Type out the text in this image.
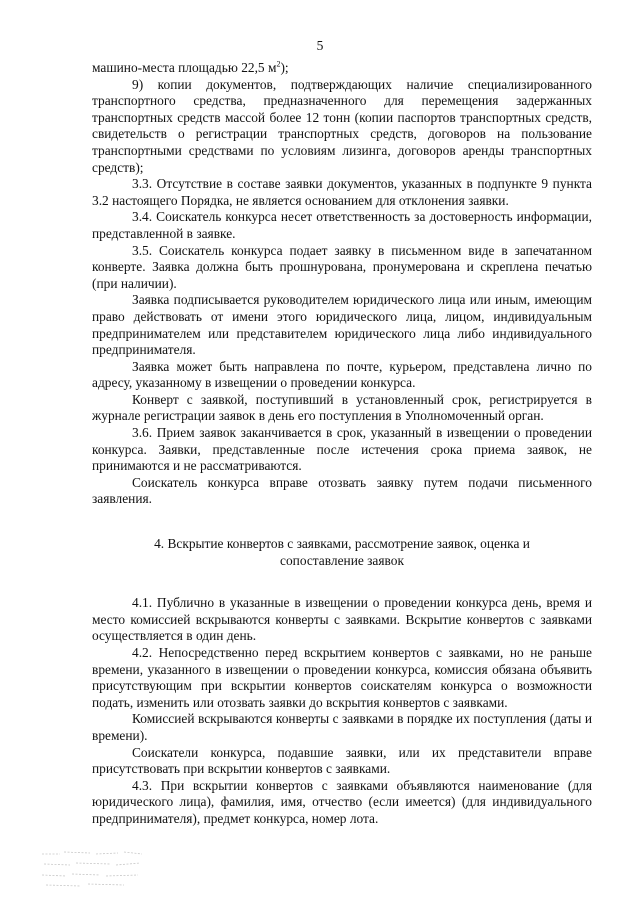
5

машино-места площадью 22,5 $м^2$);

9) копии документов, подтверждающих наличие специализированного транспортного средства, предназначенного для перемещения задержанных транспортных средств массой более 12 тонн (копии паспортов транспортных средств, свидетельств о регистрации транспортных средств, договоров на пользование транспортными средствами по условиям лизинга, договоров аренды транспортных средств);

3.3. Отсутствие в составе заявки документов, указанных в подпункте 9 пункта 3.2 настоящего Порядка, не является основанием для отклонения заявки.

3.4. Соискатель конкурса несет ответственность за достоверность информации, представленной в заявке.

3.5. Соискатель конкурса подает заявку в письменном виде в запечатанном конверте. Заявка должна быть прошнурована, пронумерована и скреплена печатью (при наличии).

Заявка подписывается руководителем юридического лица или иным, имеющим право действовать от имени этого юридического лица, лицом, индивидуальным предпринимателем или представителем юридического лица либо индивидуального предпринимателя.

Заявка может быть направлена по почте, курьером, представлена лично по адресу, указанному в извещении о проведении конкурса.

Конверт с заявкой, поступивший в установленный срок, регистрируется в журнале регистрации заявок в день его поступления в Уполномоченный орган.

3.6. Прием заявок заканчивается в срок, указанный в извещении о проведении конкурса. Заявки, представленные после истечения срока приема заявок, не принимаются и не рассматриваются.

Соискатель конкурса вправе отозвать заявку путем подачи письменного заявления.

4. Вскрытие конвертов с заявками, рассмотрение заявок, оценка и
сопоставление заявок

4.1. Публично в указанные в извещении о проведении конкурса день, время и место комиссией вскрываются конверты с заявками. Вскрытие конвертов с заявками осуществляется в один день.

4.2. Непосредственно перед вскрытием конвертов с заявками, но не раньше времени, указанного в извещении о проведении конкурса, комиссия обязана объявить присутствующим при вскрытии конвертов соискателям конкурса о возможности подать, изменить или отозвать заявки до вскрытия конвертов с заявками.

Комиссией вскрываются конверты с заявками в порядке их поступления (даты и времени).

Соискатели конкурса, подавшие заявки, или их представители вправе присутствовать при вскрытии конвертов с заявками.

4.3. При вскрытии конвертов с заявками объявляются наименование (для юридического лица), фамилия, имя, отчество (если имеется) (для индивидуального предпринимателя), предмет конкурса, номер лота.
